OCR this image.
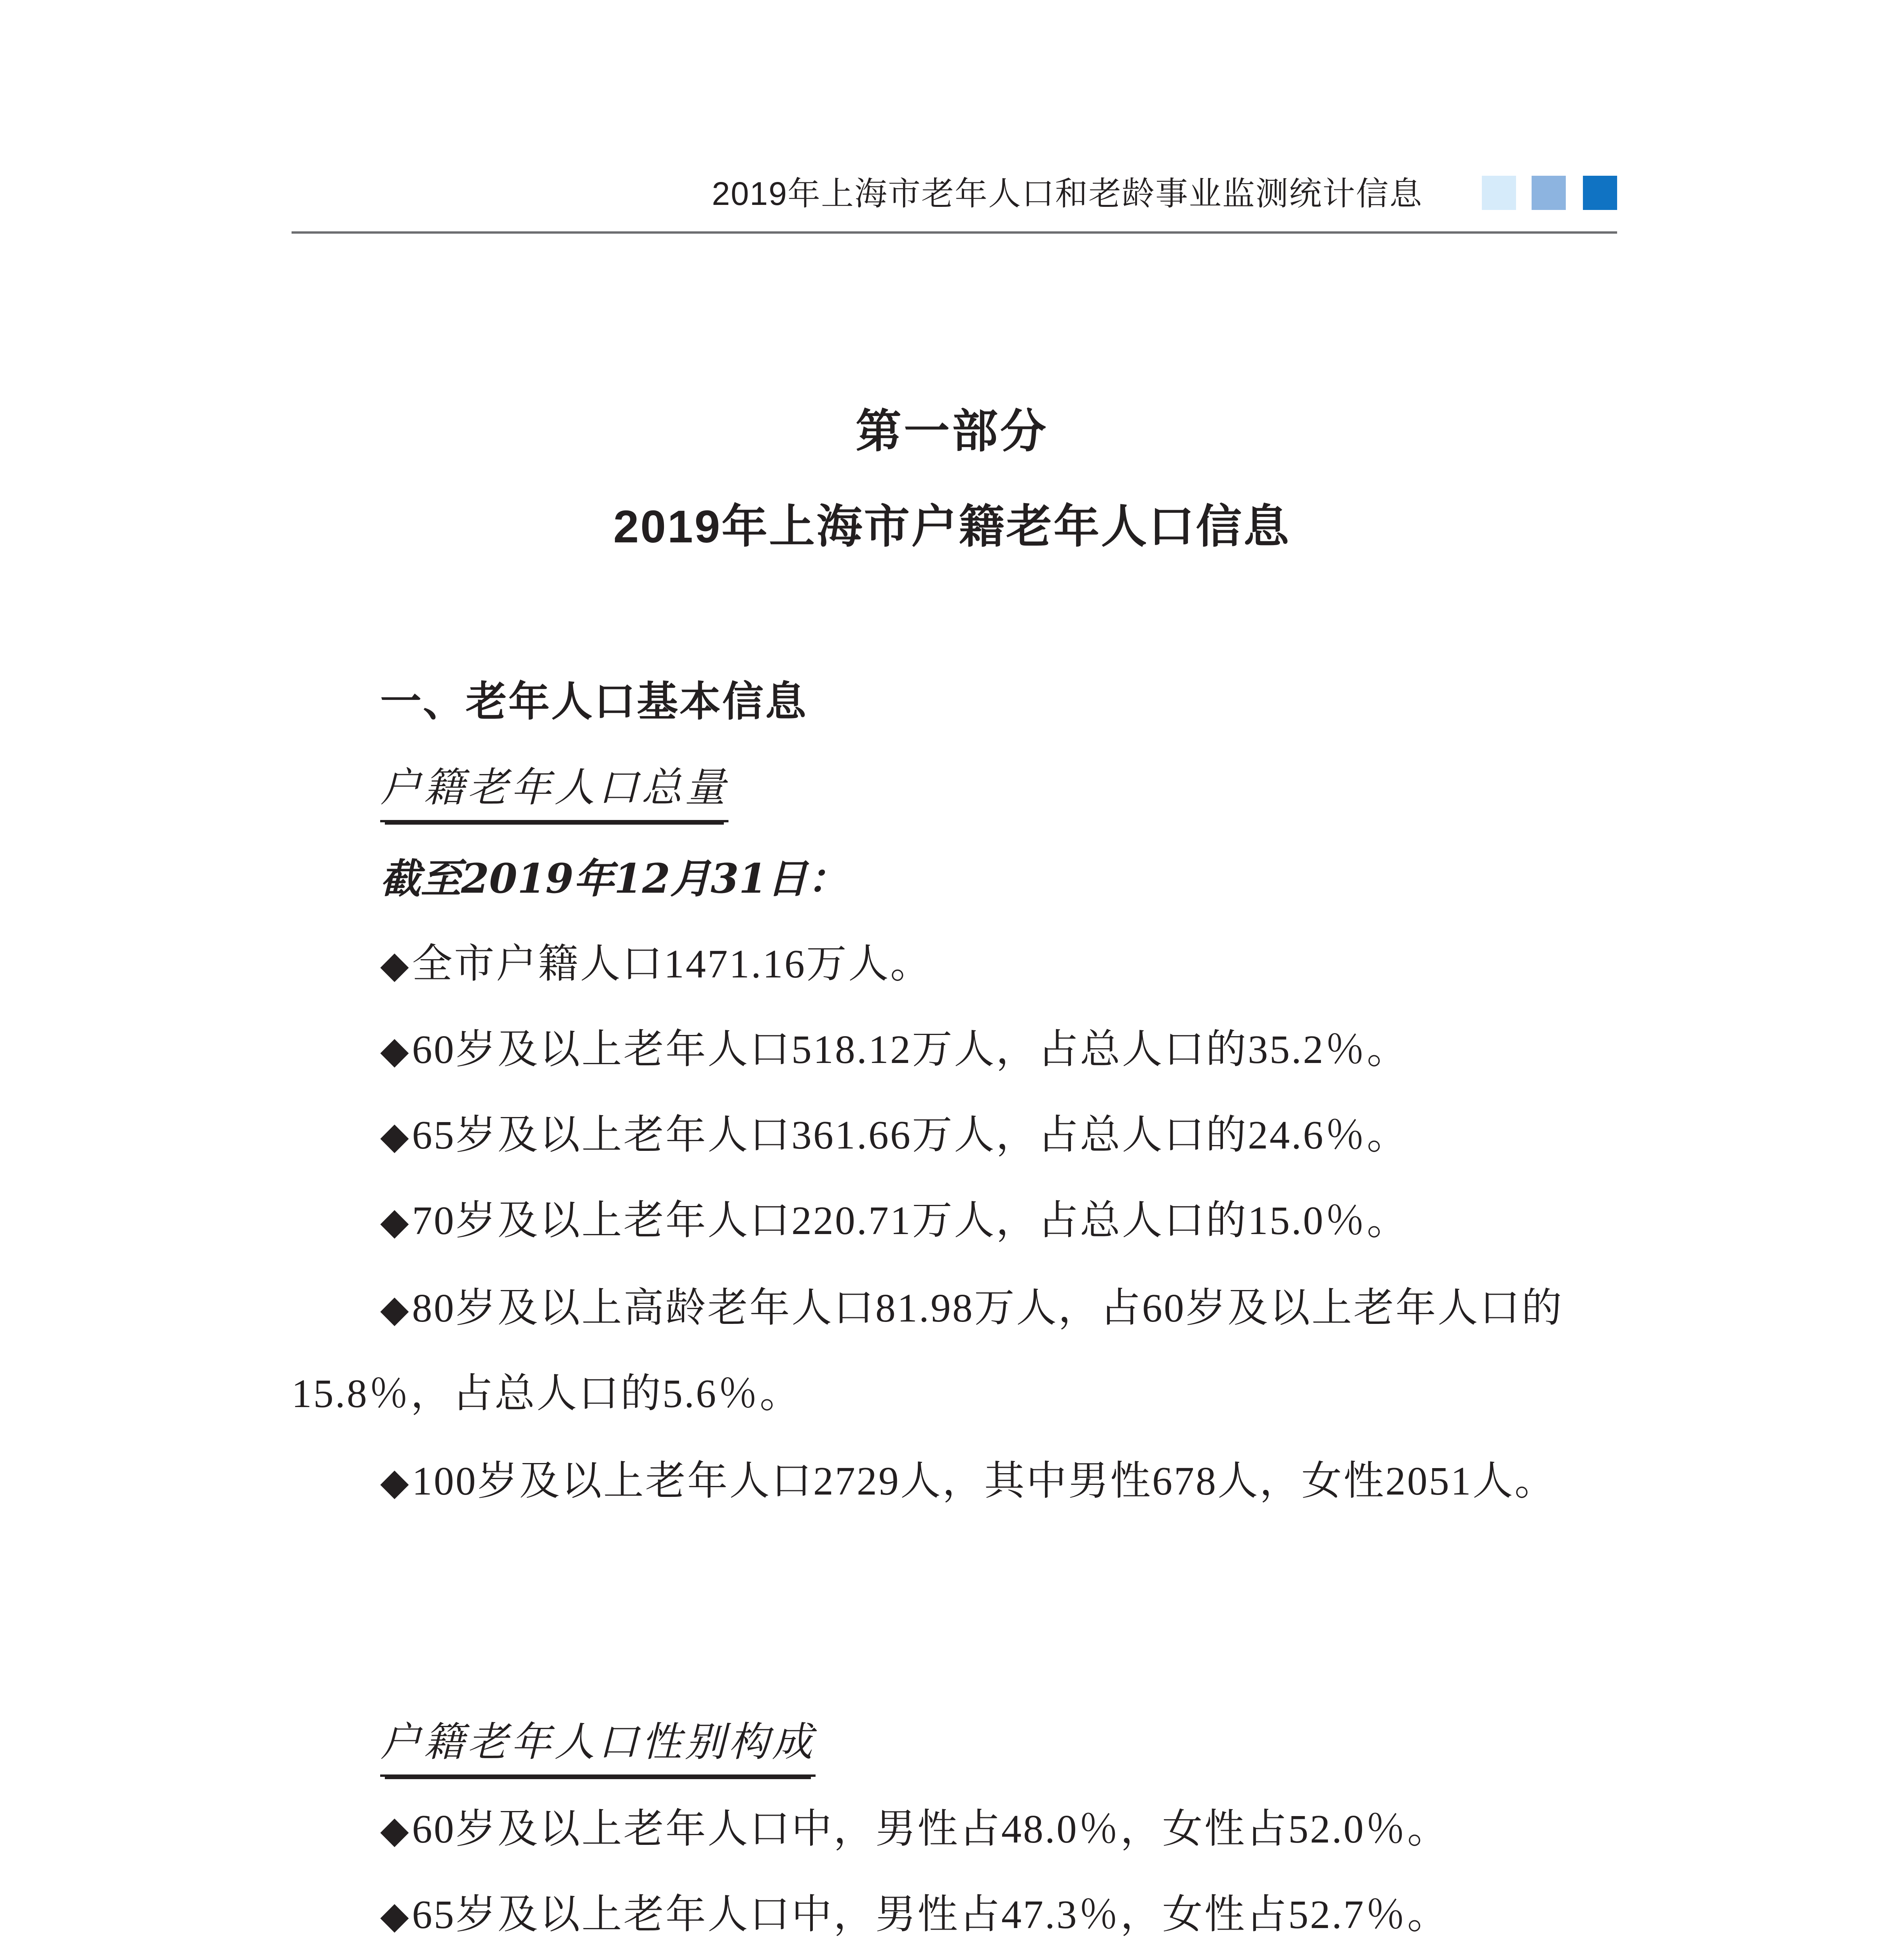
2019年上海市老年人口和老龄事业监测统计信息
第一部分
2019年上海市户籍老年人口信息
一、老年人口基本信息
户籍老年人口总量
截至2019年12月31日：
◆全市户籍人口1471.16万人。
◆60岁及以上老年人口518.12万人，占总人口的35.2％。
◆65岁及以上老年人口361.66万人，占总人口的24.6％。
◆70岁及以上老年人口220.71万人，占总人口的15.0％。
◆80岁及以上高龄老年人口81.98万人，占60岁及以上老年人口的
15.8％，占总人口的5.6％。
◆100岁及以上老年人口2729人，其中男性678人，女性2051人。
户籍老年人口性别构成
◆60岁及以上老年人口中，男性占48.0％，女性占52.0％。
◆65岁及以上老年人口中，男性占47.3％，女性占52.7％。
